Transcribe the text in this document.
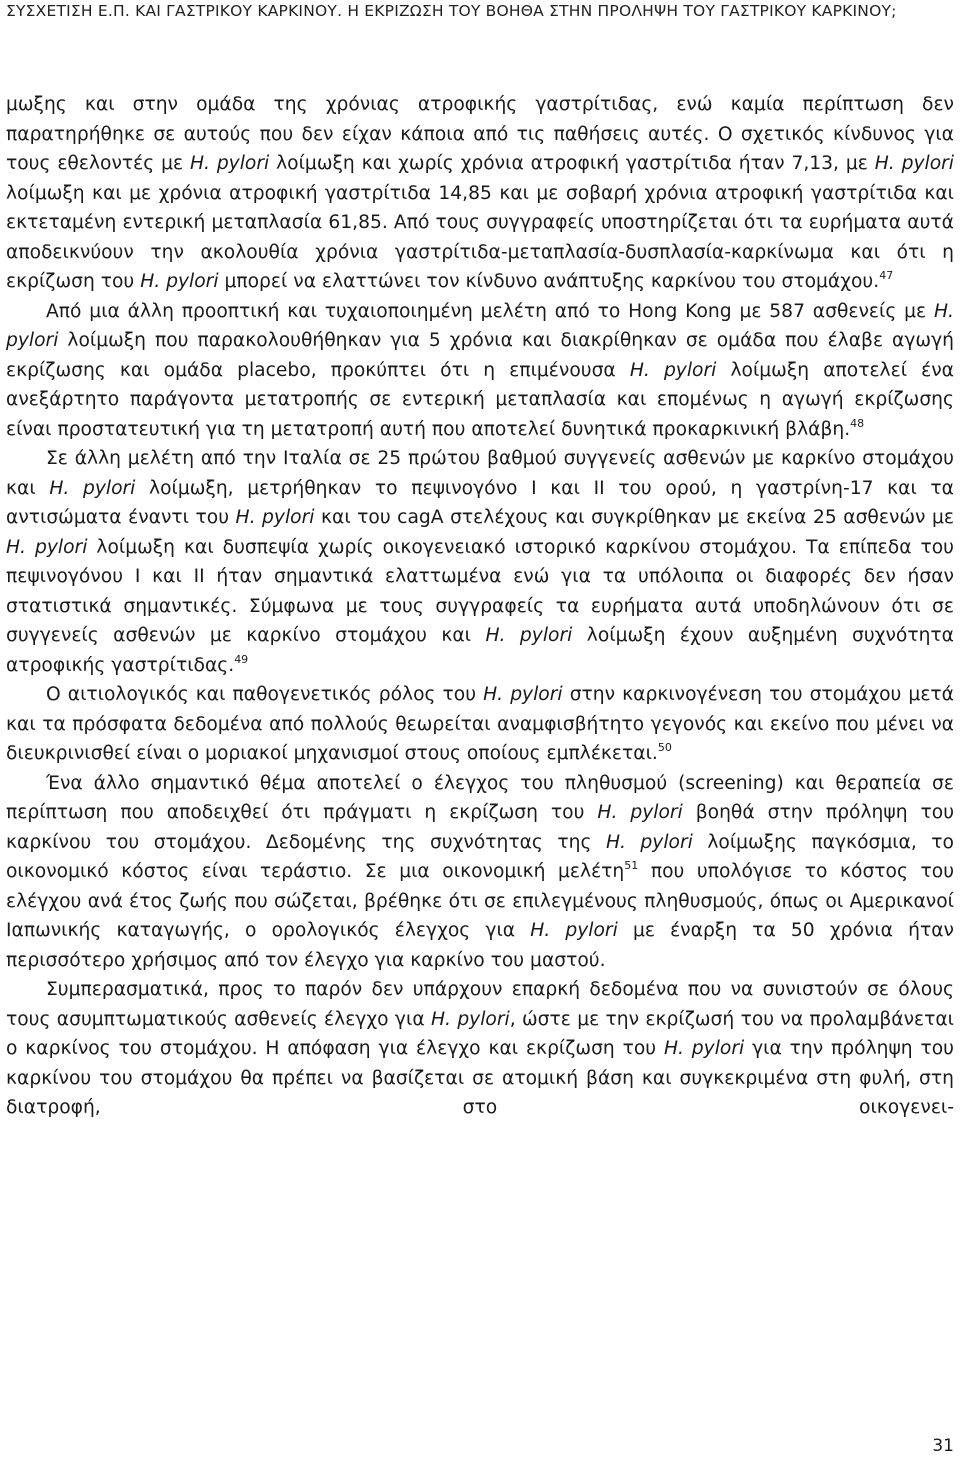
ΣΥΣΧΕΤΙΣΗ Ε.Π. ΚΑΙ ΓΑΣΤΡΙΚΟΥ ΚΑΡΚΙΝΟΥ. Η ΕΚΡΙΖΩΣΗ ΤΟΥ ΒΟΗΘΑ ΣΤΗΝ ΠΡΟΛΗΨΗ ΤΟΥ ΓΑΣΤΡΙΚΟΥ ΚΑΡΚΙΝΟΥ;

μωξης και στην ομάδα της χρόνιας ατροφικής γαστρίτιδας, ενώ καμία περίπτωση δεν παρατηρήθηκε σε αυτούς που δεν είχαν κάποια από τις παθήσεις αυτές. Ο σχετικός κίνδυνος για τους εθελοντές με H. pylori λοίμωξη και χωρίς χρόνια ατροφική γαστρίτιδα ήταν 7,13, με H. pylori λοίμωξη και με χρόνια ατροφική γαστρίτιδα 14,85 και με σοβαρή χρόνια ατροφική γαστρίτιδα και εκτεταμένη εντερική μεταπλασία 61,85. Από τους συγγραφείς υποστηρίζεται ότι τα ευρήματα αυτά αποδεικνύουν την ακολουθία χρόνια γαστρίτιδα-μεταπλασία-δυσπλασία-καρκίνωμα και ότι η εκρίζωση του H. pylori μπορεί να ελαττώνει τον κίνδυνο ανάπτυξης καρκίνου του στομάχου.$^{47}$

Από μια άλλη προοπτική και τυχαιοποιημένη μελέτη από το Hong Kong με 587 ασθενείς με H. pylori λοίμωξη που παρακολουθήθηκαν για 5 χρόνια και διακρίθηκαν σε ομάδα που έλαβε αγωγή εκρίζωσης και ομάδα placebo, προκύπτει ότι η επιμένουσα H. pylori λοίμωξη αποτελεί ένα ανεξάρτητο παράγοντα μετατροπής σε εντερική μεταπλασία και επομένως η αγωγή εκρίζωσης είναι προστατευτική για τη μετατροπή αυτή που αποτελεί δυνητικά προκαρκινική βλάβη.$^{48}$

Σε άλλη μελέτη από την Ιταλία σε 25 πρώτου βαθμού συγγενείς ασθενών με καρκίνο στομάχου και H. pylori λοίμωξη, μετρήθηκαν το πεψινογόνο I και II του ορού, η γαστρίνη-17 και τα αντισώματα έναντι του H. pylori και του cagA στελέχους και συγκρίθηκαν με εκείνα 25 ασθενών με H. pylori λοίμωξη και δυσπεψία χωρίς οικογενειακό ιστορικό καρκίνου στομάχου. Τα επίπεδα του πεψινογόνου I και II ήταν σημαντικά ελαττωμένα ενώ για τα υπόλοιπα οι διαφορές δεν ήσαν στατιστικά σημαντικές. Σύμφωνα με τους συγγραφείς τα ευρήματα αυτά υποδηλώνουν ότι σε συγγενείς ασθενών με καρκίνο στομάχου και H. pylori λοίμωξη έχουν αυξημένη συχνότητα ατροφικής γαστρίτιδας.$^{49}$

Ο αιτιολογικός και παθογενετικός ρόλος του H. pylori στην καρκινογένεση του στομάχου μετά και τα πρόσφατα δεδομένα από πολλούς θεωρείται αναμφισβήτητο γεγονός και εκείνο που μένει να διευκρινισθεί είναι ο μοριακοί μηχανισμοί στους οποίους εμπλέκεται.$^{50}$

Ένα άλλο σημαντικό θέμα αποτελεί ο έλεγχος του πληθυσμού (screening) και θεραπεία σε περίπτωση που αποδειχθεί ότι πράγματι η εκρίζωση του H. pylori βοηθά στην πρόληψη του καρκίνου του στομάχου. Δεδομένης της συχνότητας της H. pylori λοίμωξης παγκόσμια, το οικονομικό κόστος είναι τεράστιο. Σε μια οικονομική μελέτη$^{51}$ που υπολόγισε το κόστος του ελέγχου ανά έτος ζωής που σώζεται, βρέθηκε ότι σε επιλεγμένους πληθυσμούς, όπως οι Αμερικανοί Ιαπωνικής καταγωγής, ο ορολογικός έλεγχος για H. pylori με έναρξη τα 50 χρόνια ήταν περισσότερο χρήσιμος από τον έλεγχο για καρκίνο του μαστού.

Συμπερασματικά, προς το παρόν δεν υπάρχουν επαρκή δεδομένα που να συνιστούν σε όλους τους ασυμπτωματικούς ασθενείς έλεγχο για H. pylori, ώστε με την εκρίζωσή του να προλαμβάνεται ο καρκίνος του στομάχου. Η απόφαση για έλεγχο και εκρίζωση του H. pylori για την πρόληψη του καρκίνου του στομάχου θα πρέπει να βασίζεται σε ατομική βάση και συγκεκριμένα στη φυλή, στη διατροφή, στο οικογενει-

31
